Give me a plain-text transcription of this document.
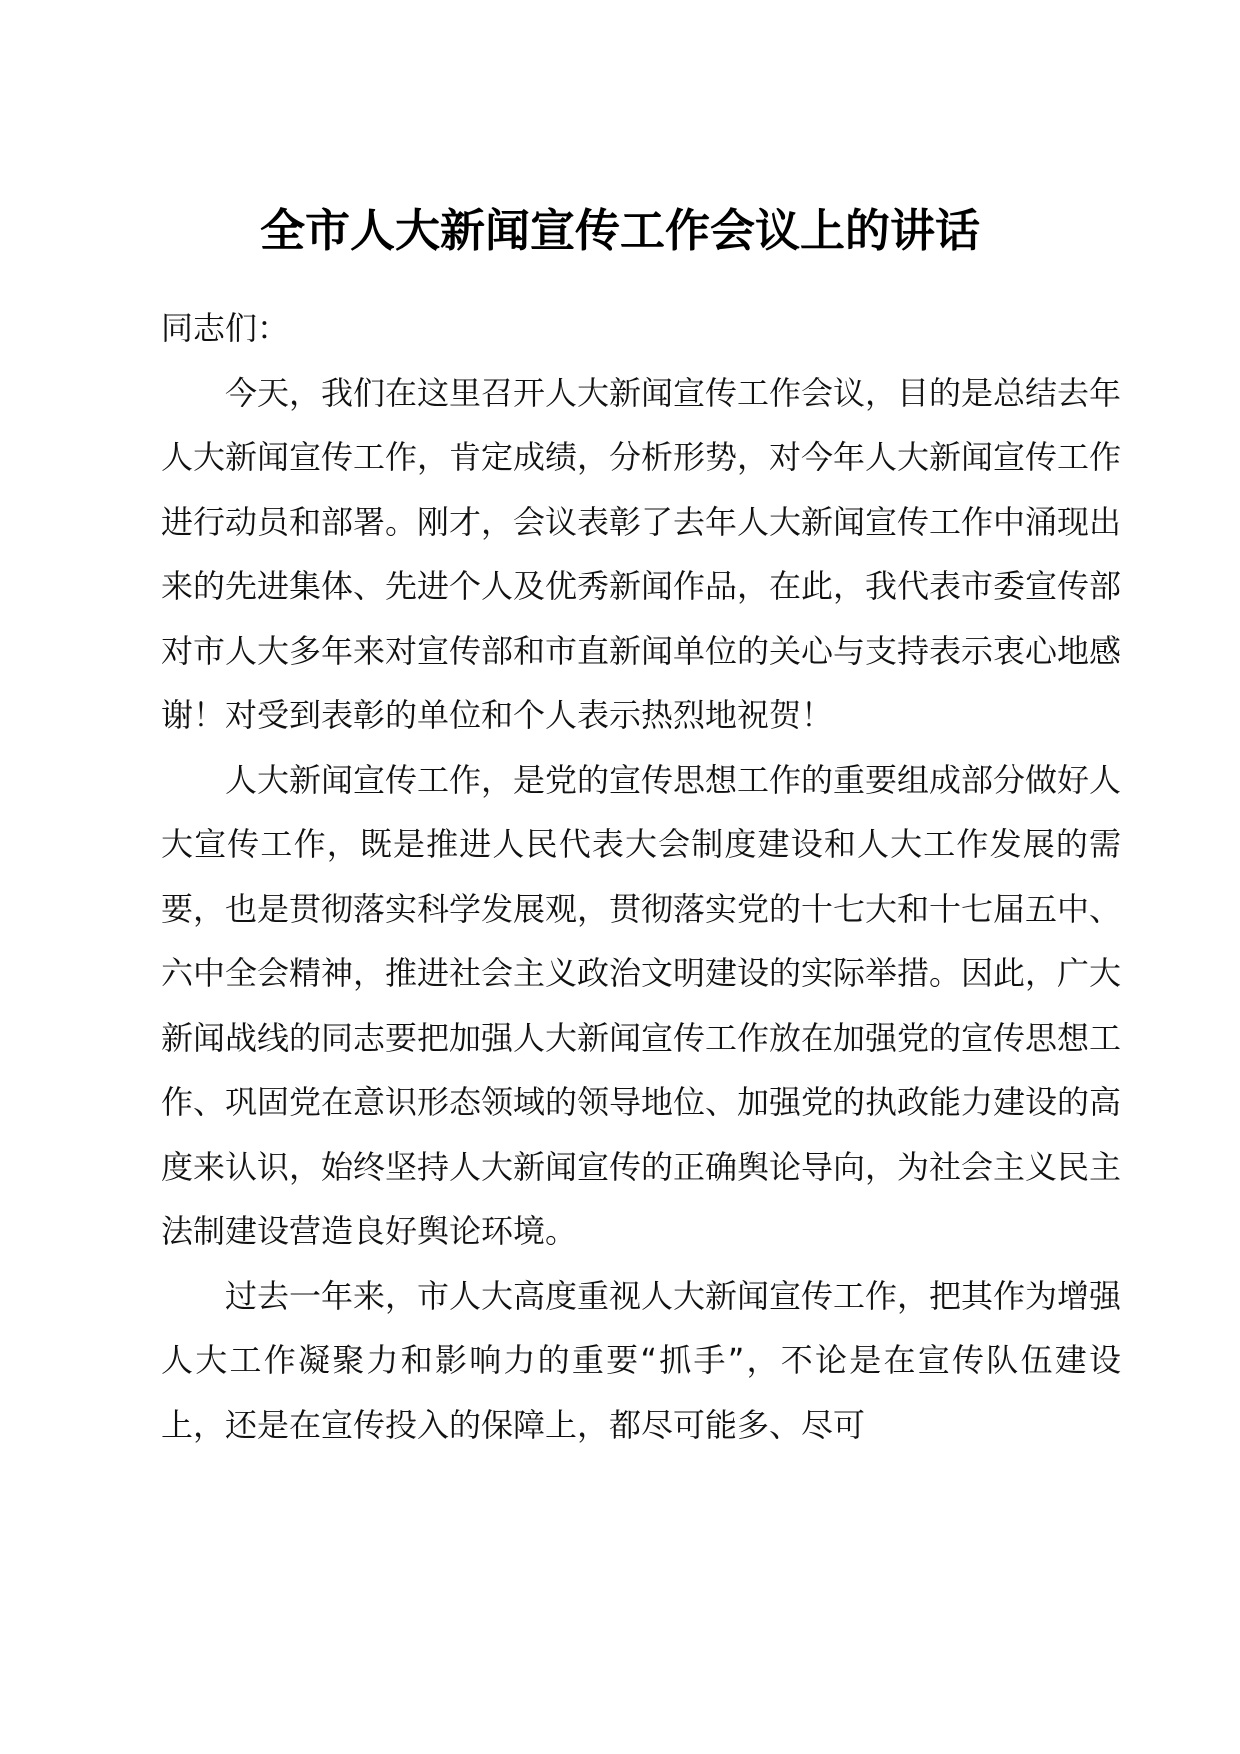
全市人大新闻宣传工作会议上的讲话

同志们：

今天，我们在这里召开人大新闻宣传工作会议，目的是总结去年人大新闻宣传工作，肯定成绩，分析形势，对今年人大新闻宣传工作进行动员和部署。刚才，会议表彰了去年人大新闻宣传工作中涌现出来的先进集体、先进个人及优秀新闻作品，在此，我代表市委宣传部对市人大多年来对宣传部和市直新闻单位的关心与支持表示衷心地感谢！对受到表彰的单位和个人表示热烈地祝贺！

人大新闻宣传工作，是党的宣传思想工作的重要组成部分做好人大宣传工作，既是推进人民代表大会制度建设和人大工作发展的需要，也是贯彻落实科学发展观，贯彻落实党的十七大和十七届五中、六中全会精神，推进社会主义政治文明建设的实际举措。因此，广大新闻战线的同志要把加强人大新闻宣传工作放在加强党的宣传思想工作、巩固党在意识形态领域的领导地位、加强党的执政能力建设的高度来认识，始终坚持人大新闻宣传的正确舆论导向，为社会主义民主法制建设营造良好舆论环境。

过去一年来，市人大高度重视人大新闻宣传工作，把其作为增强人大工作凝聚力和影响力的重要“抓手”，不论是在宣传队伍建设上，还是在宣传投入的保障上，都尽可能多、尽可
